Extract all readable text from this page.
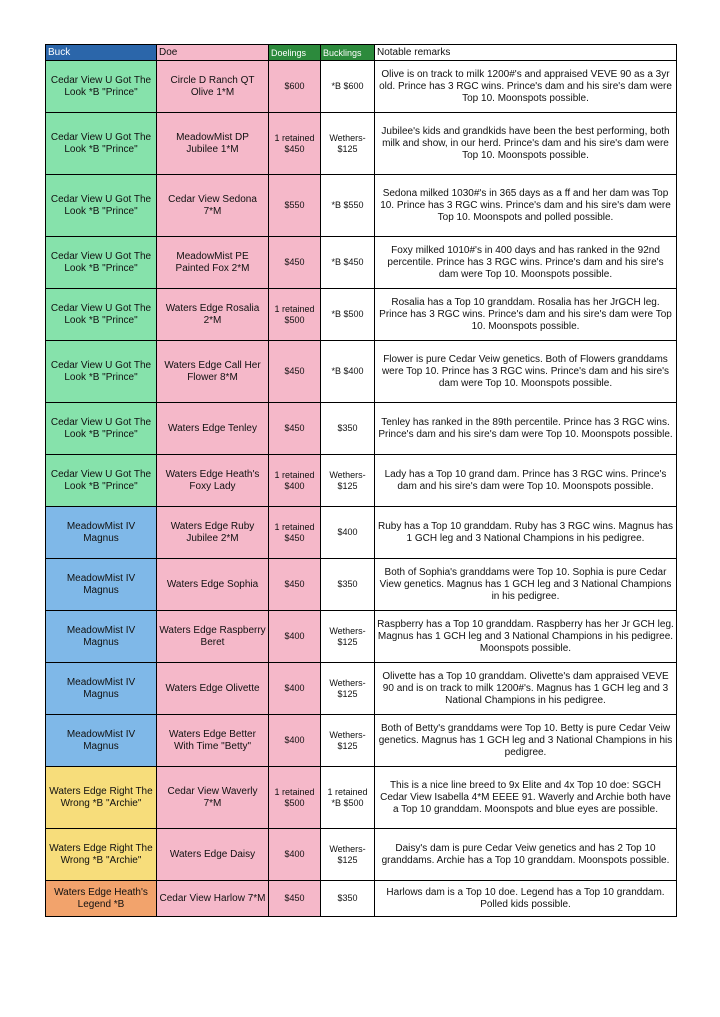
Buck	Doe	Doelings	Bucklings	Notable remarks
Cedar View U Got The Look *B "Prince"	Circle D Ranch QT Olive 1*M	$600	*B $600	Olive is on track to milk 1200#'s and appraised VEVE 90 as a 3yr old. Prince has 3 RGC wins. Prince's dam and his sire's dam were Top 10. Moonspots possible.
Cedar View U Got The Look *B "Prince"	MeadowMist DP Jubilee 1*M	1 retained $450	Wethers- $125	Jubilee's kids and grandkids have been the best performing, both milk and show, in our herd. Prince's dam and his sire's dam were Top 10. Moonspots possible.
Cedar View U Got The Look *B "Prince"	Cedar View Sedona 7*M	$550	*B $550	Sedona milked 1030#'s in 365 days as a ff and her dam was Top 10. Prince has 3 RGC wins. Prince's dam and his sire's dam were Top 10. Moonspots and polled possible.
Cedar View U Got The Look *B "Prince"	MeadowMist PE Painted Fox 2*M	$450	*B $450	Foxy milked 1010#'s in 400 days and has ranked in the 92nd percentile. Prince has 3 RGC wins. Prince's dam and his sire's dam were Top 10. Moonspots possible.
Cedar View U Got The Look *B "Prince"	Waters Edge Rosalia 2*M	1 retained $500	*B $500	Rosalia has a Top 10 granddam. Rosalia has her JrGCH leg. Prince has 3 RGC wins. Prince's dam and his sire's dam were Top 10. Moonspots possible.
Cedar View U Got The Look *B "Prince"	Waters Edge Call Her Flower 8*M	$450	*B $400	Flower is pure Cedar Veiw genetics. Both of Flowers granddams were Top 10. Prince has 3 RGC wins. Prince's dam and his sire's dam were Top 10. Moonspots possible.
Cedar View U Got The Look *B "Prince"	Waters Edge Tenley	$450	$350	Tenley has ranked in the 89th percentile. Prince has 3 RGC wins. Prince's dam and his sire's dam were Top 10. Moonspots possible.
Cedar View U Got The Look *B "Prince"	Waters Edge Heath's Foxy Lady	1 retained $400	Wethers- $125	Lady has a Top 10 grand dam. Prince has 3 RGC wins. Prince's dam and his sire's dam were Top 10. Moonspots possible.
MeadowMist IV Magnus	Waters Edge Ruby Jubilee 2*M	1 retained $450	$400	Ruby has a Top 10 granddam. Ruby has 3 RGC wins. Magnus has 1 GCH leg and 3 National Champions in his pedigree.
MeadowMist IV Magnus	Waters Edge Sophia	$450	$350	Both of Sophia's granddams were Top 10. Sophia is pure Cedar View genetics. Magnus has 1 GCH leg and 3 National Champions in his pedigree.
MeadowMist IV Magnus	Waters Edge Raspberry Beret	$400	Wethers- $125	Raspberry has a Top 10 granddam. Raspberry has her Jr GCH leg. Magnus has 1 GCH leg and 3 National Champions in his pedigree. Moonspots possible.
MeadowMist IV Magnus	Waters Edge Olivette	$400	Wethers- $125	Olivette has a Top 10 granddam. Olivette's dam appraised VEVE 90 and is on track to milk 1200#'s. Magnus has 1 GCH leg and 3 National Champions in his pedigree.
MeadowMist IV Magnus	Waters Edge Better With Time "Betty"	$400	Wethers- $125	Both of Betty's granddams were Top 10. Betty is pure Cedar Veiw genetics. Magnus has 1 GCH leg and 3 National Champions in his pedigree.
Waters Edge Right The Wrong *B "Archie"	Cedar View Waverly 7*M	1 retained $500	1 retained *B $500	This is a nice line breed to 9x Elite and 4x Top 10 doe: SGCH Cedar View Isabella 4*M EEEE 91. Waverly and Archie both have a Top 10 granddam. Moonspots and blue eyes are possible.
Waters Edge Right The Wrong *B "Archie"	Waters Edge Daisy	$400	Wethers- $125	Daisy's dam is pure Cedar Veiw genetics and has 2 Top 10 granddams. Archie has a Top 10 granddam. Moonspots possible.
Waters Edge Heath's Legend *B	Cedar View Harlow 7*M	$450	$350	Harlows dam is a Top 10 doe. Legend has a Top 10 granddam. Polled kids possible.
